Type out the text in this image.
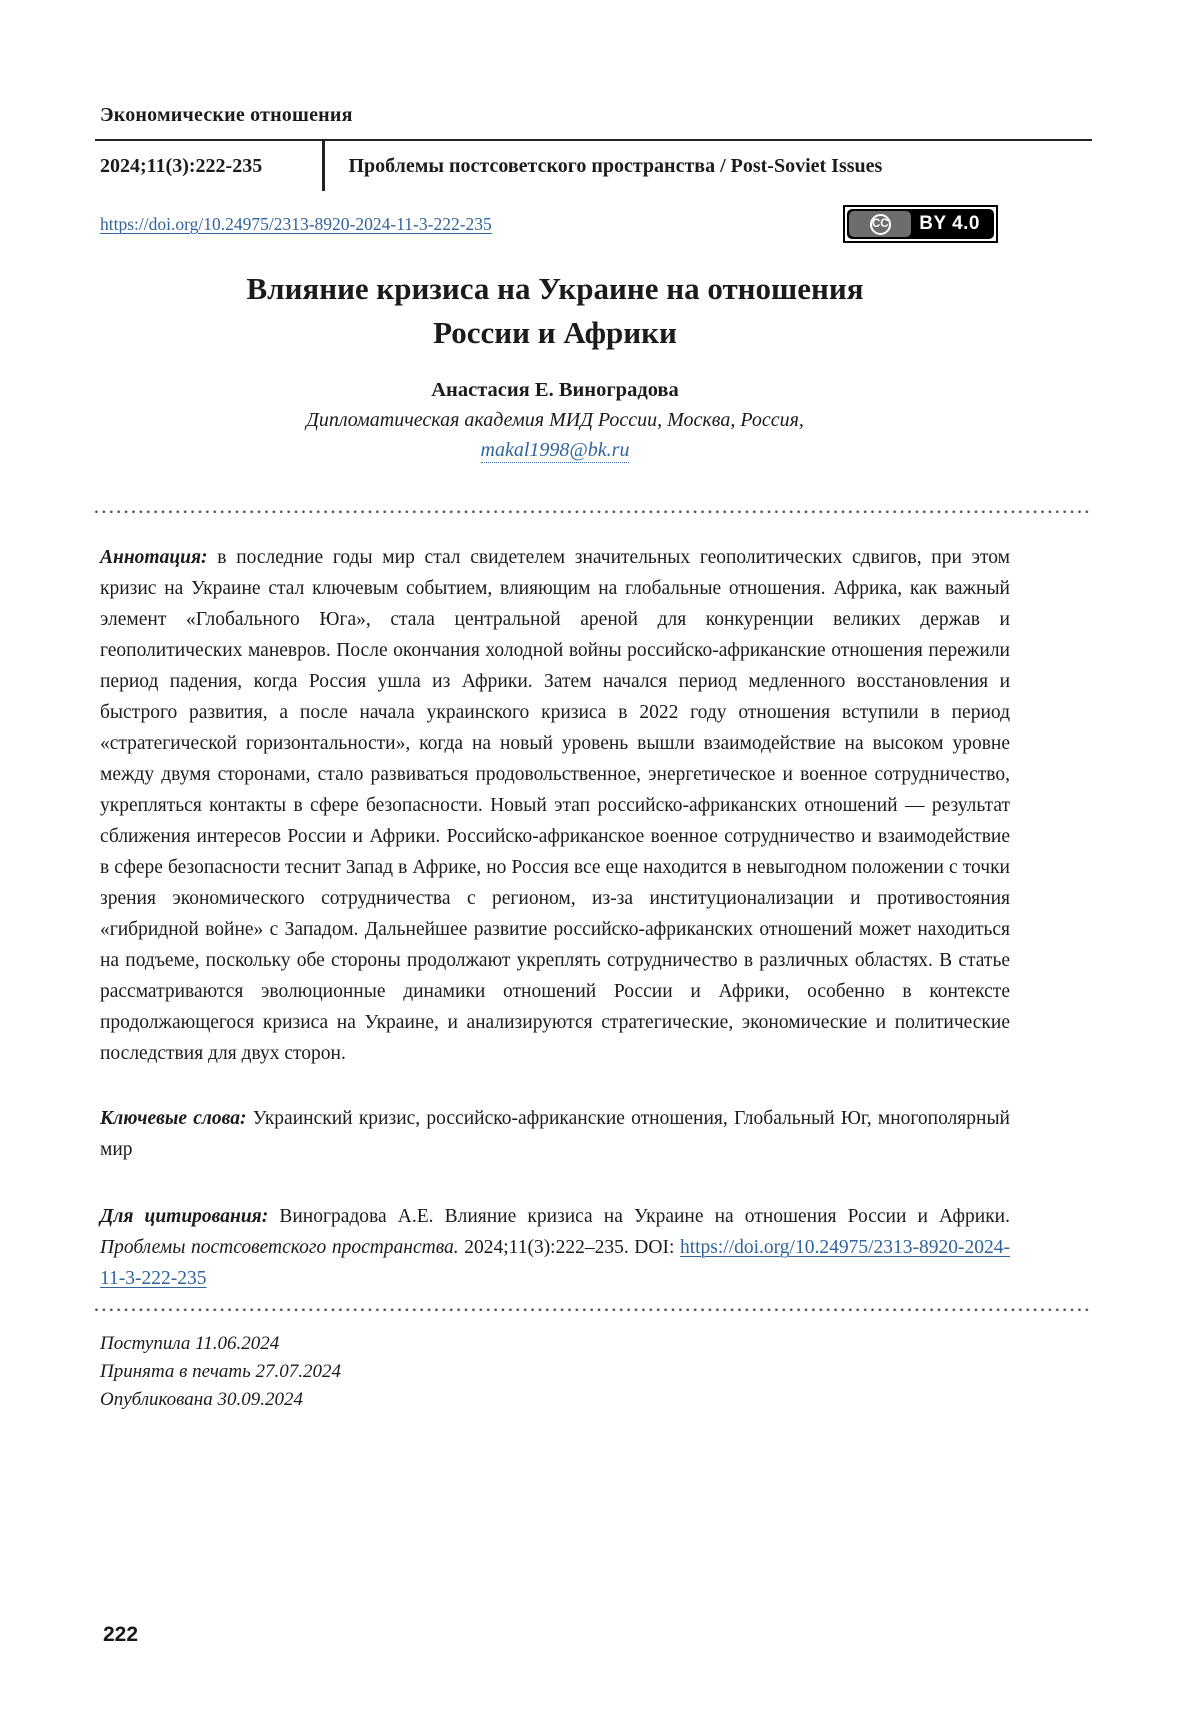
Экономические отношения
2024;11(3):222-235	Проблемы постсоветского пространства / Post-Soviet Issues
https://doi.org/10.24975/2313-8920-2024-11-3-222-235	CC	BY 4.0
Влияние кризиса на Украине на отношения
России и Африки
Анастасия Е. Виноградова
Дипломатическая академия МИД России, Москва, Россия,
makal1998@bk.ru

Аннотация: в последние годы мир стал свидетелем значительных геополитических сдвигов, при этом кризис на Украине стал ключевым событием, влияющим на глобальные отношения. Африка, как важный элемент «Глобального Юга», стала центральной ареной для конкуренции великих держав и геополитических маневров. После окончания холодной войны российско-африканские отношения пережили период падения, когда Россия ушла из Африки. Затем начался период медленного восстановления и быстрого развития, а после начала украинского кризиса в 2022 году отношения вступили в период «стратегической горизонтальности», когда на новый уровень вышли взаимодействие на высоком уровне между двумя сторонами, стало развиваться продовольственное, энергетическое и военное сотрудничество, укрепляться контакты в сфере безопасности. Новый этап российско-африканских отношений — результат сближения интересов России и Африки. Российско-африканское военное сотрудничество и взаимодействие в сфере безопасности теснит Запад в Африке, но Россия все еще находится в невыгодном положении с точки зрения экономического сотрудничества с регионом, из-за институционализации и противостояния «гибридной войне» с Западом. Дальнейшее развитие российско-африканских отношений может находиться на подъеме, поскольку обе стороны продолжают укреплять сотрудничество в различных областях. В статье рассматриваются эволюционные динамики отношений России и Африки, особенно в контексте продолжающегося кризиса на Украине, и анализируются стратегические, экономические и политические последствия для двух сторон.

Ключевые слова: Украинский кризис, российско-африканские отношения, Глобальный Юг, многополярный мир

Для цитирования: Виноградова А.Е. Влияние кризиса на Украине на отношения России и Африки. Проблемы постсоветского пространства. 2024;11(3):222–235. DOI: https://doi.org/10.24975/2313-8920-2024-11-3-222-235

Поступила 11.06.2024
Принята в печать 27.07.2024
Опубликована 30.09.2024
222
